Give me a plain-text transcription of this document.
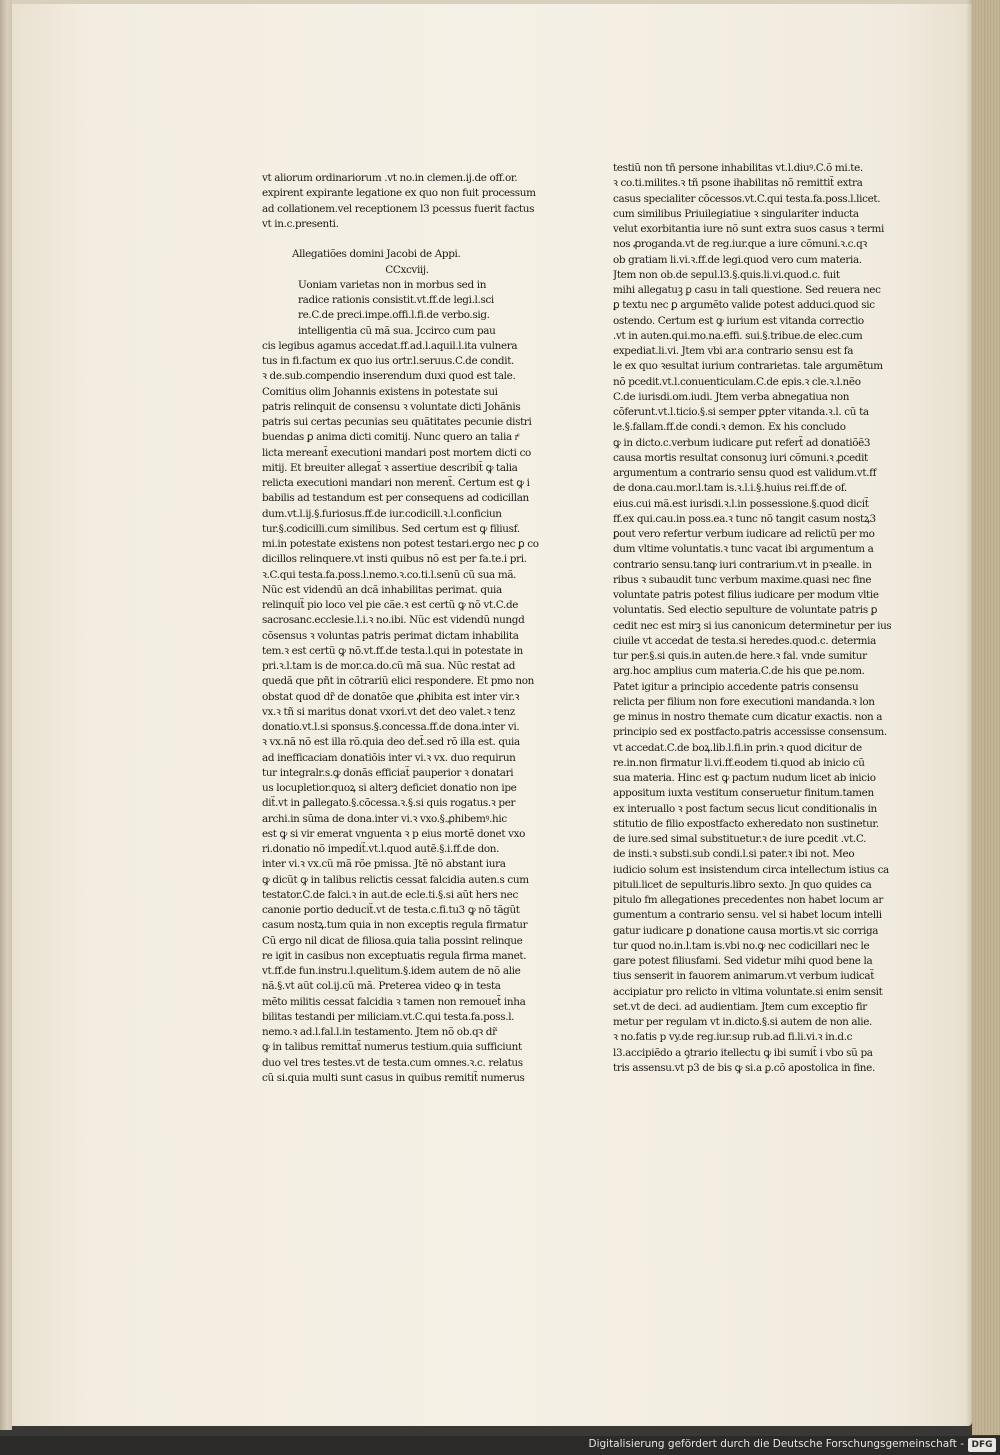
vt aliorum ordinariorum .vt no.in clemen.ij.de off.or.
expirent expirante legatione ex quo non fuit processum
ad collationem.vel receptionem l3 pcessus fuerit factus
vt in.c.presenti.

Allegatiões domini Jacobi de Appi.
CCxcviij.
Uoniam varietas non in morbus sed in
radice rationis consistit.vt.ff.de legi.l.sci
re.C.de preci.impe.offi.l.fi.de verbo.sig.
intelligentia cũ mã sua. Jccirco cum pau
cis legibus agamus accedat.ff.ad.l.aquil.l.ita vulnera
tus in fi.factum ex quo ius ortr.l.seruus.C.de condit.
ꝛ de.sub.compendio inserendum duxi quod est tale.
Comitius olim Johannis existens in potestate sui
patris relinquit de consensu ꝛ voluntate dicti Johãnis
patris sui certas pecunias seu quãtitates pecunie distri
buendas ꝑ anima dicti comitij. Nunc quero an talia rͤ
licta mereant̃ executioni mandari post mortem dicti co
mitij. Et breuiter allegat̃ ꝛ assertiue describit̃ ꝙ talia
relicta executioni mandari non merent̃. Certum est ꝙ i
babilis ad testandum est per consequens ad codicillan
dum.vt.l.ij.§.furiosus.ff.de iur.codicill.ꝛ.l.conficiun
tur.§.codicilli.cum similibus. Sed certum est ꝙ filiusf.
mi.in potestate existens non potest testari.ergo nec ꝑ co
dicillos relinquere.vt insti quibus nõ est per fa.te.i pri.
ꝛ.C.qui testa.fa.poss.l.nemo.ꝛ.co.ti.l.senũ cũ sua mã.
Nũc est videndũ an dcã inhabilitas perimat. quia
relinquit̃ pio loco vel pie cãe.ꝛ est certũ ꝙ nõ vt.C.de
sacrosanc.ecclesie.l.i.ꝛ no.ibi. Nũc est videndũ nungd
cõsensus ꝛ voluntas patris perimat dictam inhabilita
tem.ꝛ est certũ ꝙ nõ.vt.ff.de testa.l.qui in potestate in
pri.ꝛ.l.tam is de mor.ca.do.cũ mã sua. Nũc restat ad
quedã que pñt in cõtrariũ elici respondere. Et pmo non
obstat quod dr̃ de donatõe que ꝓhibita est inter vir.ꝛ
vx.ꝛ tñ si maritus donat vxori.vt det deo valet.ꝛ tenz
donatio.vt.l.si sponsus.§.concessa.ff.de dona.inter vi.
ꝛ vx.nã nõ est illa rõ.quia deo det̃.sed rõ illa est. quia
ad inefficaciam donatiõis inter vi.ꝛ vx. duo requirun
tur integralr.s.ꝙ donãs efficiat̃ pauperior ꝛ donatari
us locupletior.quoꝝ si alterꝫ deficiet donatio non ipe
dit̃.vt in ꝑallegato.§.cõcessa.ꝛ.§.si quis rogatus.ꝛ per
archi.in sũma de dona.inter vi.ꝛ vxo.§.ꝓhibemꝰ.hic
est ꝙ si vir emerat vnguenta ꝛ p eius mortẽ donet vxo
ri.donatio nõ impedit̃.vt.l.quod autẽ.§.i.ff.de don.
inter vi.ꝛ vx.cũ mã rõe pmissa. Jtẽ nõ abstant iura
ꝙ dicũt ꝙ in talibus relictis cessat falcidia auten.s cum
testator.C.de falci.ꝛ in aut.de ecle.ti.§.si aũt hers nec
canonie portio deducit̃.vt de testa.c.fi.tu3 ꝙ nõ tãgũt
casum nostꝝ.tum quia in non exceptis regula firmatur
Cũ ergo nil dicat de filiosa.quia talia possint relinque
re igit in casibus non exceptuatis regula firma manet.
vt.ff.de fun.instru.l.quelitum.§.idem autem de nõ alie
nã.§.vt aũt col.ij.cũ mã. Preterea video ꝙ in testa
mẽto militis cessat falcidia ꝛ tamen non remouet̃ inha
bilitas testandi per miliciam.vt.C.qui testa.fa.poss.l.
nemo.ꝛ ad.l.fal.l.in testamento. Jtem nõ ob.qꝛ dr̃
ꝙ in talibus remittat̃ numerus testium.quia sufficiunt
duo vel tres testes.vt de testa.cum omnes.ꝛ.c. relatus
cũ si.quia multi sunt casus in quibus remitit̃ numerus
testiũ non tñ persone inhabilitas vt.l.diuꝰ.C.õ mi.te.
ꝛ co.ti.milites.ꝛ tñ psone ihabilitas nõ remittit̃ extra
casus specialiter cõcessos.vt.C.qui testa.fa.poss.l.licet.
cum similibus Priuilegiatiue ꝛ singulariter inducta
velut exorbitantia iure nõ sunt extra suos casus ꝛ termi
nos ꝓroganda.vt de reg.iur.que a iure cõmuni.ꝛ.c.qꝛ
ob gratiam li.vi.ꝛ.ff.de legi.quod vero cum materia.
Jtem non ob.de sepul.l3.§.quis.li.vi.quod.c. fuit
mihi allegatuꝫ ꝑ casu in tali questione. Sed reuera nec
ꝑ textu nec ꝑ argumẽto valide potest adduci.quod sic
ostendo. Certum est ꝙ iurium est vitanda correctio
.vt in auten.qui.mo.na.effi. sui.§.tribue.de elec.cum
expediat.li.vi. Jtem vbi ar.a contrario sensu est fa
le ex quo ꝛesultat iurium contrarietas. tale argumẽtum
nõ pcedit.vt.l.conuenticulam.C.de epis.ꝛ cle.ꝛ.l.nẽo
C.de iurisdi.om.iudi. Jtem verba abnegatiua non
cõferunt.vt.l.ticio.§.si semper ꝑpter vitanda.ꝛ.l. cũ ta
le.§.fallam.ff.de condi.ꝛ demon. Ex his concludo
ꝙ in dicto.c.verbum iudicare ꝑut refert̃ ad donatiõẽ3
causa mortis resultat consonuꝫ iuri cõmuni.ꝛ ꝓcedit
argumentum a contrario sensu quod est validum.vt.ff
de dona.cau.mor.l.tam is.ꝛ.l.i.§.huius rei.ff.de of.
eius.cui mã.est iurisdi.ꝛ.l.in possessione.§.quod dicit̃
ff.ex qui.cau.in poss.ea.ꝛ tunc nõ tangit casum nostꝝ3
ꝑout vero refertur verbum iudicare ad relictũ per mo
dum vltime voluntatis.ꝛ tunc vacat ibi argumentum a
contrario sensu.tanꝙ iuri contrarium.vt in pꝛealle. in
ribus ꝛ subaudit tunc verbum maxime.quasi nec fine
voluntate patris potest filius iudicare per modum vltie
voluntatis. Sed electio sepulture de voluntate patris ꝑ
cedit nec est mirꝫ si ius canonicum determinetur per ius
ciuile vt accedat de testa.si heredes.quod.c. determia
tur per.§.si quis.in auten.de here.ꝛ fal. vnde sumitur
arg.hoc amplius cum materia.C.de his que pe.nom.
Patet igitur a principio accedente patris consensu
relicta per filium non fore executioni mandanda.ꝛ lon
ge minus in nostro themate cum dicatur exactis. non a
principio sed ex postfacto.patris accessisse consensum.
vt accedat.C.de boꝝ.lib.l.fi.in prin.ꝛ quod dicitur de
re.in.non firmatur li.vi.ff.eodem ti.quod ab inicio cũ
sua materia. Hinc est ꝙ pactum nudum licet ab inicio
appositum iuxta vestitum conseruetur finitum.tamen
ex interuallo ꝛ post factum secus licut conditionalis in
stitutio de filio expostfacto exheredato non sustinetur.
de iure.sed simal substituetur.ꝛ de iure ꝑcedit .vt.C.
de insti.ꝛ substi.sub condi.l.si pater.ꝛ ibi not. Meo
iudicio solum est insistendum circa intellectum istius ca
pituli.licet de sepulturis.libro sexto. Jn quo quides ca
pitulo fm allegationes precedentes non habet locum ar
gumentum a contrario sensu. vel si habet locum intelli
gatur iudicare ꝑ donatione causa mortis.vt sic corriga
tur quod no.in.l.tam is.vbi no.ꝙ nec codicillari nec le
gare potest filiusfami. Sed videtur mihi quod bene la
tius senserit in fauorem animarum.vt verbum iudicat̃
accipiatur pro relicto in vltima voluntate.si enim sensit
set.vt de deci. ad audientiam. Jtem cum exceptio fir
metur per regulam vt in.dicto.§.si autem de non alie.
ꝛ no.fatis p vy.de reg.iur.sup rub.ad fi.li.vi.ꝛ in.d.c
l3.accipiẽdo a ꝯtrario itellectu ꝙ ibi sumit̃ i vbo sũ pa
tris assensu.vt p3 de bis ꝙ si.a ꝑ.cõ apostolica in fine.
Digitalisierung gefördert durch die Deutsche Forschungsgemeinschaft - DFG
